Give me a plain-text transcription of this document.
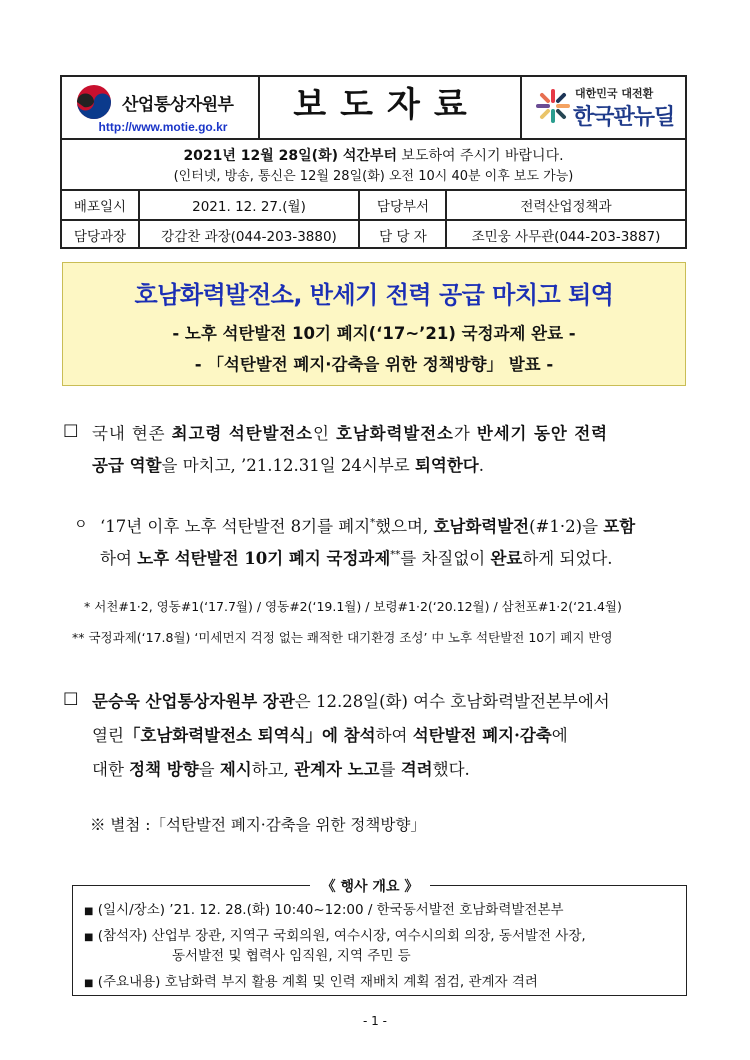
산업통상자원부
http://www.motie.go.kr
보도자료	대한민국 대전환
한국판뉴딜
2021년 12월 28일(화) 석간부터 보도하여 주시기 바랍니다.
(인터넷, 방송, 통신은 12월 28일(화) 오전 10시 40분 이후 보도 가능)
배포일시	2021. 12. 27.(월)	담당부서	전력산업정책과
담당과장	강감찬 과장(044-203-3880)	담 당 자	조민웅 사무관(044-203-3887)
호남화력발전소, 반세기 전력 공급 마치고 퇴역
- 노후 석탄발전 10기 폐지(‘17~’21) 국정과제 완료 -
- 「석탄발전 폐지·감축을 위한 정책방향」 발표 -
□ 국내 현존 최고령 석탄발전소인 호남화력발전소가 반세기 동안 전력
공급 역할을 마치고, ’21.12.31일 24시부로 퇴역한다.
ㅇ ‘17년 이후 노후 석탄발전 8기를 폐지*했으며, 호남화력발전(#1·2)을 포함
하여 노후 석탄발전 10기 폐지 국정과제**를 차질없이 완료하게 되었다.
* 서천#1·2, 영동#1(‘17.7월) / 영동#2(‘19.1월) / 보령#1·2(‘20.12월) / 삼천포#1·2(‘21.4월)
** 국정과제(‘17.8월) ‘미세먼지 걱정 없는 쾌적한 대기환경 조성’ 中 노후 석탄발전 10기 폐지 반영
□ 문승욱 산업통상자원부 장관은 12.28일(화) 여수 호남화력발전본부에서
열린「호남화력발전소 퇴역식」에 참석하여 석탄발전 폐지·감축에
대한 정책 방향을 제시하고, 관계자 노고를 격려했다.
※ 별첨 :「석탄발전 폐지·감축을 위한 정책방향」
《 행사 개요 》
■ (일시/장소) ’21. 12. 28.(화) 10:40~12:00 / 한국동서발전 호남화력발전본부
■ (참석자) 산업부 장관, 지역구 국회의원, 여수시장, 여수시의회 의장, 동서발전 사장,
동서발전 및 협력사 임직원, 지역 주민 등
■ (주요내용) 호남화력 부지 활용 계획 및 인력 재배치 계획 점검, 관계자 격려
- 1 -
